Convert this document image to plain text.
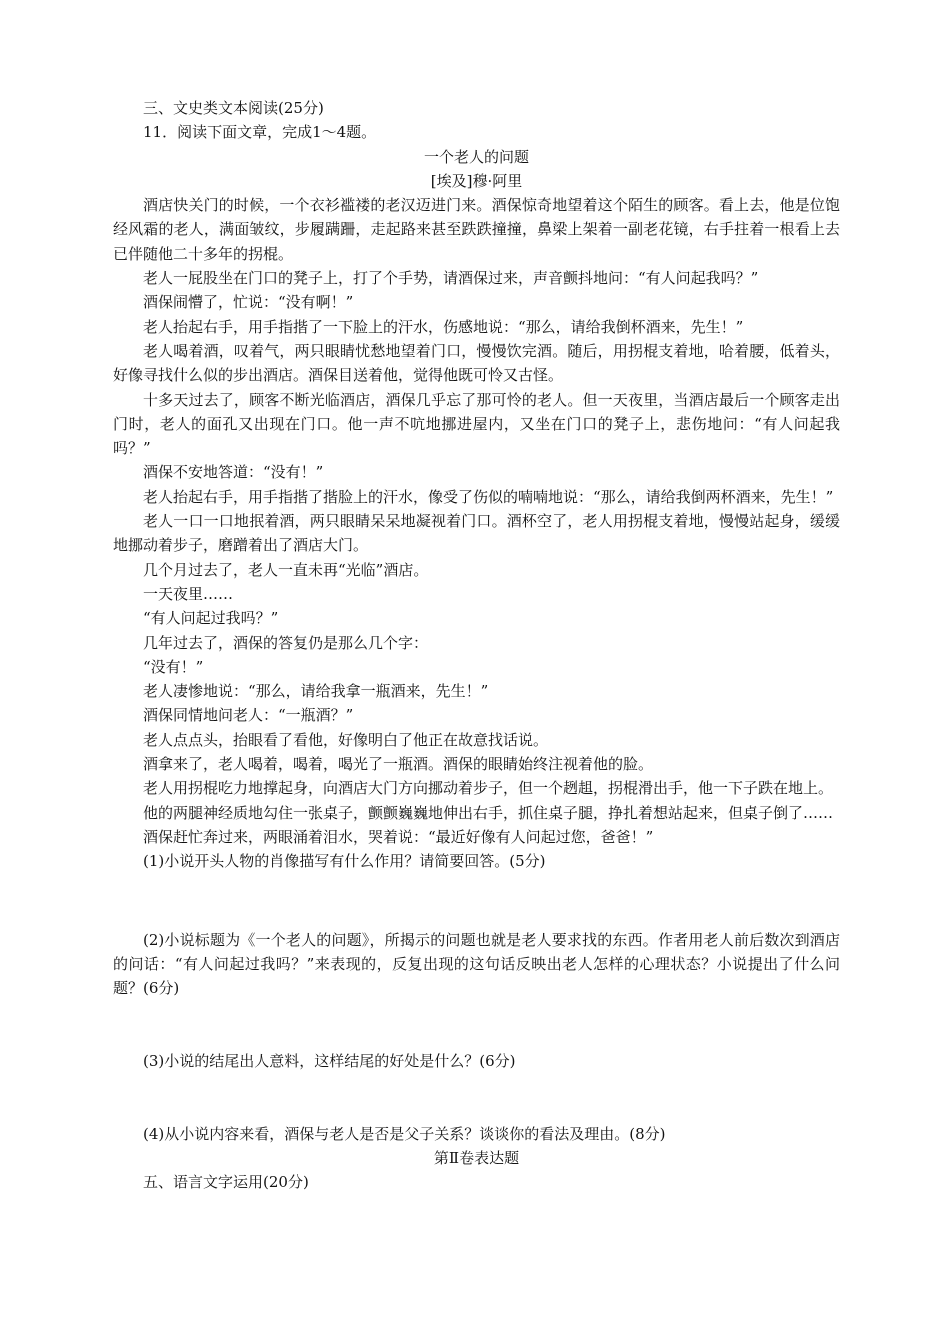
三、文史类文本阅读(25分)

11．阅读下面文章，完成1～4题。

一个老人的问题

[埃及]穆·阿里

酒店快关门的时候，一个衣衫褴褛的老汉迈进门来。酒保惊奇地望着这个陌生的顾客。看上去，他是位饱经风霜的老人，满面皱纹，步履蹒跚，走起路来甚至跌跌撞撞，鼻梁上架着一副老花镜，右手拄着一根看上去已伴随他二十多年的拐棍。

老人一屁股坐在门口的凳子上，打了个手势，请酒保过来，声音颤抖地问：“有人问起我吗？”

酒保闹懵了，忙说：“没有啊！”

老人抬起右手，用手指揩了一下脸上的汗水，伤感地说：“那么，请给我倒杯酒来，先生！”

老人喝着酒，叹着气，两只眼睛忧愁地望着门口，慢慢饮完酒。随后，用拐棍支着地，哈着腰，低着头，好像寻找什么似的步出酒店。酒保目送着他，觉得他既可怜又古怪。

十多天过去了，顾客不断光临酒店，酒保几乎忘了那可怜的老人。但一天夜里，当酒店最后一个顾客走出门时，老人的面孔又出现在门口。他一声不吭地挪进屋内，又坐在门口的凳子上，悲伤地问：“有人问起我吗？”

酒保不安地答道：“没有！”

老人抬起右手，用手指揩了揩脸上的汗水，像受了伤似的喃喃地说：“那么，请给我倒两杯酒来，先生！”

老人一口一口地抿着酒，两只眼睛呆呆地凝视着门口。酒杯空了，老人用拐棍支着地，慢慢站起身，缓缓地挪动着步子，磨蹭着出了酒店大门。

几个月过去了，老人一直未再“光临”酒店。

一天夜里……

“有人问起过我吗？”

几年过去了，酒保的答复仍是那么几个字：

“没有！”

老人凄惨地说：“那么，请给我拿一瓶酒来，先生！”

酒保同情地问老人：“一瓶酒？”

老人点点头，抬眼看了看他，好像明白了他正在故意找话说。

酒拿来了，老人喝着，喝着，喝光了一瓶酒。酒保的眼睛始终注视着他的脸。

老人用拐棍吃力地撑起身，向酒店大门方向挪动着步子，但一个趔趄，拐棍滑出手，他一下子跌在地上。

他的两腿神经质地勾住一张桌子，颤颤巍巍地伸出右手，抓住桌子腿，挣扎着想站起来，但桌子倒了……

酒保赶忙奔过来，两眼涌着泪水，哭着说：“最近好像有人问起过您，爸爸！”

(1)小说开头人物的肖像描写有什么作用？请简要回答。(5分)

(2)小说标题为《一个老人的问题》，所揭示的问题也就是老人要求找的东西。作者用老人前后数次到酒店的问话：“有人问起过我吗？”来表现的，反复出现的这句话反映出老人怎样的心理状态？小说提出了什么问题？(6分)

(3)小说的结尾出人意料，这样结尾的好处是什么？(6分)

(4)从小说内容来看，酒保与老人是否是父子关系？谈谈你的看法及理由。(8分)

第Ⅱ卷表达题

五、语言文字运用(20分)
